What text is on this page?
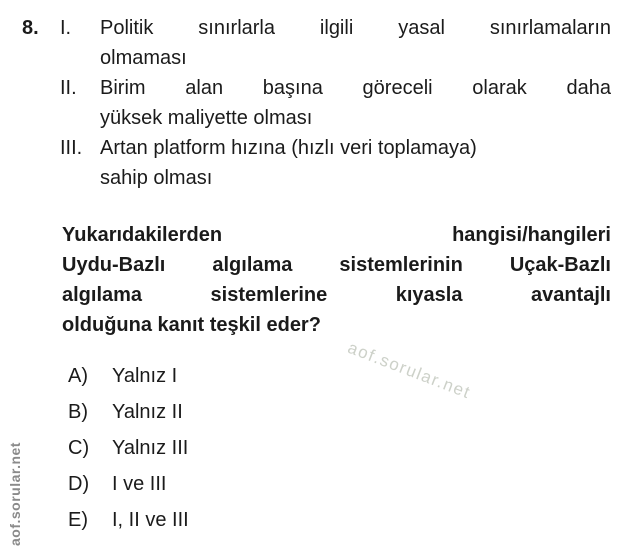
8.	I.	Politik sınırlarla ilgili yasal sınırlamaların
olmaması
II.	Birim alan başına göreceli olarak daha
yüksek maliyette olması
III. Artan platform hızına (hızlı veri toplamaya)
sahip olması
Yukarıdakilerden hangisi/hangileri
Uydu-Bazlı algılama sistemlerinin Uçak-Bazlı
algılama sistemlerine kıyasla avantajlı
olduğuna kanıt teşkil eder?
A)	Yalnız I
B)	Yalnız II
C)	Yalnız III
D)	I ve III
E)	I, II ve III
aof.sorular.net
aof.sorular.net
